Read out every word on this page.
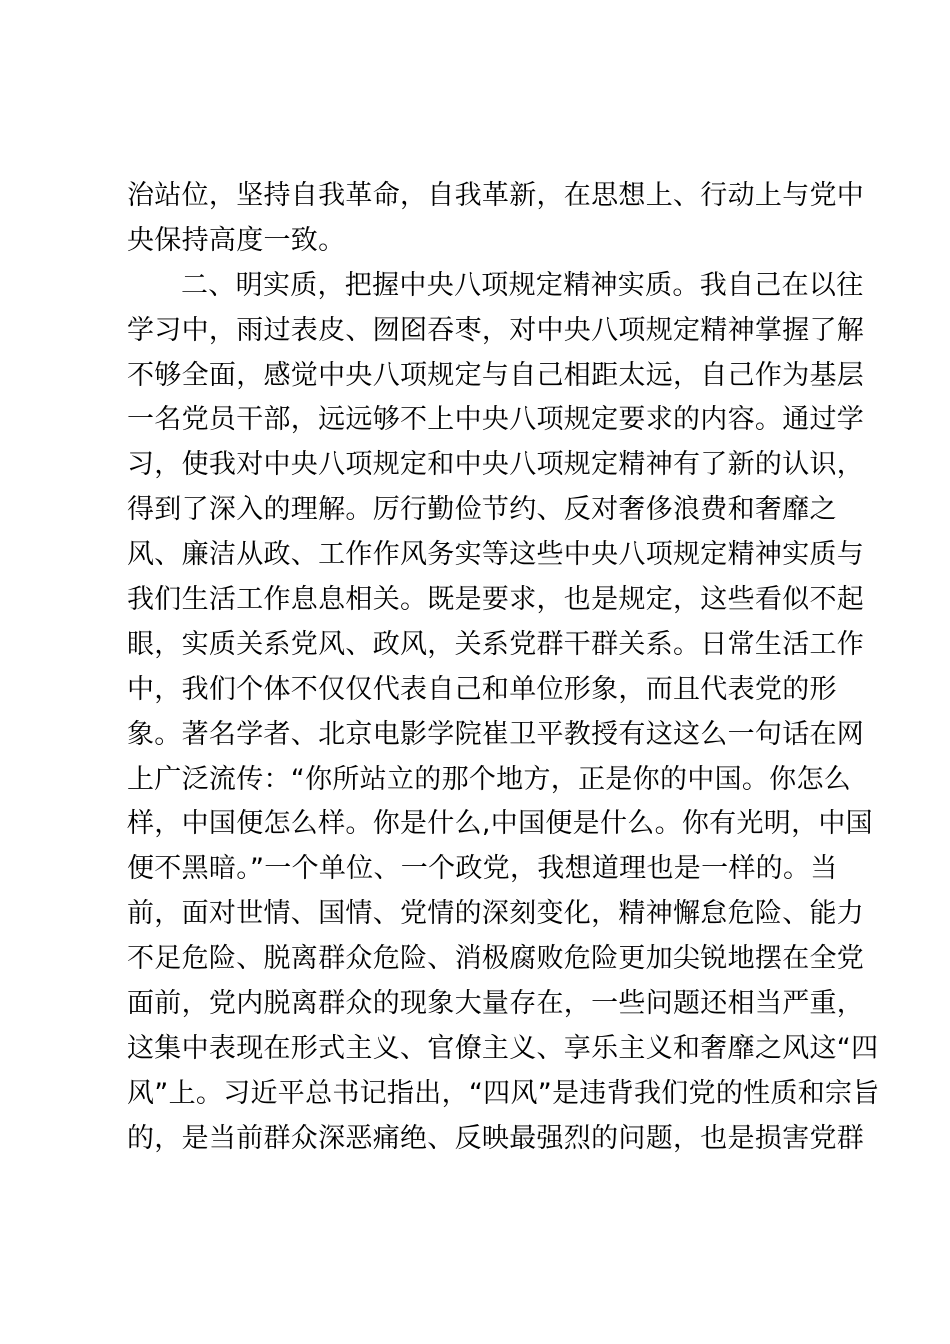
治站位，坚持自我革命，自我革新，在思想上、行动上与党中
央保持高度一致。
二、明实质，把握中央八项规定精神实质。我自己在以往
学习中，雨过表皮、囫囵吞枣，对中央八项规定精神掌握了解
不够全面，感觉中央八项规定与自己相距太远，自己作为基层
一名党员干部，远远够不上中央八项规定要求的内容。通过学
习，使我对中央八项规定和中央八项规定精神有了新的认识，
得到了深入的理解。厉行勤俭节约、反对奢侈浪费和奢靡之
风、廉洁从政、工作作风务实等这些中央八项规定精神实质与
我们生活工作息息相关。既是要求，也是规定，这些看似不起
眼，实质关系党风、政风，关系党群干群关系。日常生活工作
中，我们个体不仅仅代表自己和单位形象，而且代表党的形
象。著名学者、北京电影学院崔卫平教授有这这么一句话在网
上广泛流传：“你所站立的那个地方，正是你的中国。你怎么
样，中国便怎么样。你是什么,中国便是什么。你有光明，中国
便不黑暗。”一个单位、一个政党，我想道理也是一样的。当
前，面对世情、国情、党情的深刻变化，精神懈怠危险、能力
不足危险、脱离群众危险、消极腐败危险更加尖锐地摆在全党
面前，党内脱离群众的现象大量存在，一些问题还相当严重，
这集中表现在形式主义、官僚主义、享乐主义和奢靡之风这“四
风”上。习近平总书记指出，“四风”是违背我们党的性质和宗旨
的，是当前群众深恶痛绝、反映最强烈的问题，也是损害党群
